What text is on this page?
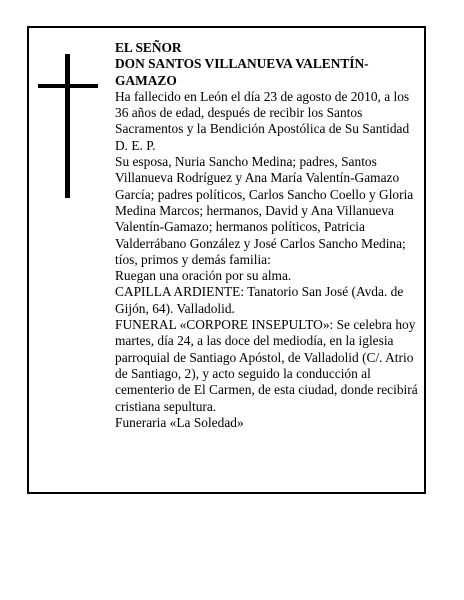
EL SEÑOR

DON SANTOS VILLANUEVA VALENTÍN-GAMAZO

Ha fallecido en León el día 23 de agosto de 2010, a los 36 años de edad, después de recibir los Santos Sacramentos y la Bendición Apostólica de Su Santidad D. E. P.

Su esposa, Nuria Sancho Medina; padres, Santos Villanueva Rodríguez y Ana María Valentín-Gamazo García; padres políticos, Carlos Sancho Coello y Gloria Medina Marcos; hermanos, David y Ana Villanueva Valentín-Gamazo; hermanos políticos, Patricia Valderrábano González y José Carlos Sancho Medina; tíos, primos y demás familia:

Ruegan una oración por su alma.

CAPILLA ARDIENTE: Tanatorio San José (Avda. de Gijón, 64). Valladolid.

FUNERAL «CORPORE INSEPULTO»: Se celebra hoy martes, día 24, a las doce del mediodía, en la iglesia parroquial de Santiago Apóstol, de Valladolid (C/. Atrio de Santiago, 2), y acto seguido la conducción al cementerio de El Carmen, de esta ciudad, donde recibirá cristiana sepultura.

Funeraria «La Soledad»
